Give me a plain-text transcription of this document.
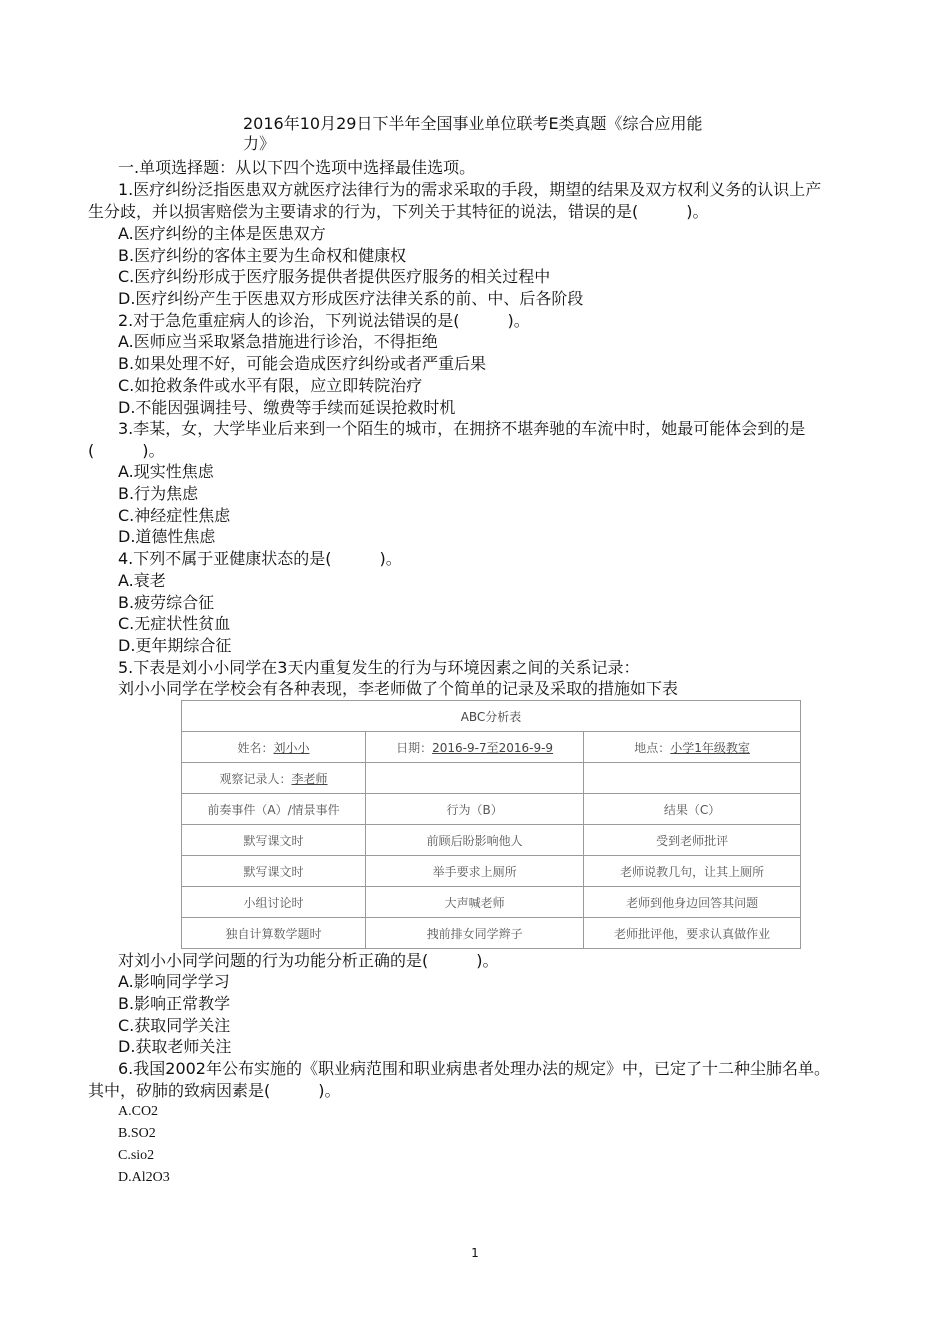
2016年10月29日下半年全国事业单位联考E类真题《综合应用能
力》
一.单项选择题：从以下四个选项中选择最佳选项。
1.医疗纠纷泛指医患双方就医疗法律行为的需求采取的手段，期望的结果及双方权利义务的认识上产
生分歧，并以损害赔偿为主要请求的行为，下列关于其特征的说法，错误的是(　　　)。
A.医疗纠纷的主体是医患双方
B.医疗纠纷的客体主要为生命权和健康权
C.医疗纠纷形成于医疗服务提供者提供医疗服务的相关过程中
D.医疗纠纷产生于医患双方形成医疗法律关系的前、中、后各阶段
2.对于急危重症病人的诊治，下列说法错误的是(　　　)。
A.医师应当采取紧急措施进行诊治，不得拒绝
B.如果处理不好，可能会造成医疗纠纷或者严重后果
C.如抢救条件或水平有限，应立即转院治疗
D.不能因强调挂号、缴费等手续而延误抢救时机
3.李某，女，大学毕业后来到一个陌生的城市，在拥挤不堪奔驰的车流中时，她最可能体会到的是
(　　　)。
A.现实性焦虑
B.行为焦虑
C.神经症性焦虑
D.道德性焦虑
4.下列不属于亚健康状态的是(　　　)。
A.衰老
B.疲劳综合征
C.无症状性贫血
D.更年期综合征
5.下表是刘小小同学在3天内重复发生的行为与环境因素之间的关系记录：
刘小小同学在学校会有各种表现，李老师做了个简单的记录及采取的措施如下表
ABC分析表		
姓名：刘小小	日期：2016-9-7至2016-9-9	地点：小学1年级教室
观察记录人：李老师		
前奏事件（A）/情景事件	行为（B）	结果（C）
默写课文时	前顾后盼影响他人	受到老师批评
默写课文时	举手要求上厕所	老师说教几句，让其上厕所
小组讨论时	大声喊老师	老师到他身边回答其问题
独自计算数学题时	拽前排女同学辫子	老师批评他，要求认真做作业
对刘小小同学问题的行为功能分析正确的是(　　　)。
A.影响同学学习
B.影响正常教学
C.获取同学关注
D.获取老师关注
6.我国2002年公布实施的《职业病范围和职业病患者处理办法的规定》中，已定了十二种尘肺名单。
其中，矽肺的致病因素是(　　　)。
A.CO2
B.SO2
C.sio2
D.Al2O3
1
